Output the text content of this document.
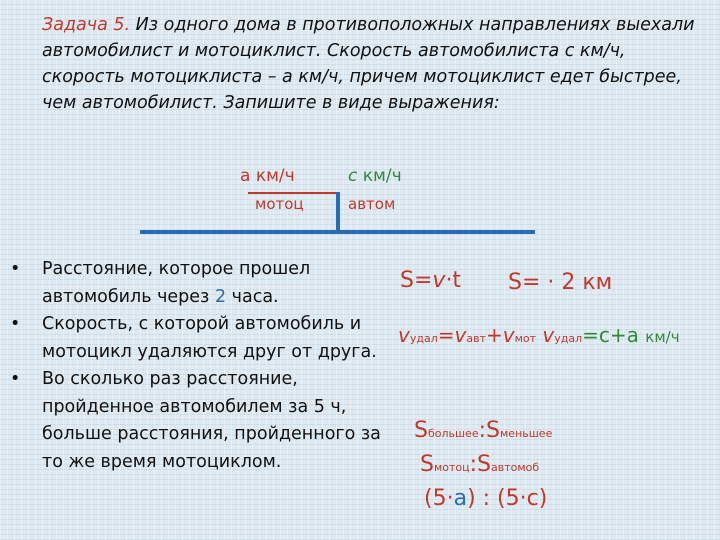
Задача 5. Из одного дома в противоположных направлениях выехали автомобилист и мотоциклист. Скорость автомобилиста с км/ч, скорость мотоциклиста – а км/ч, причем мотоциклист едет быстрее, чем автомобилист. Запишите в виде выражения:
а км/ч	с км/ч
мотоц	автом
• Расстояние, которое прошел автомобиль через 2 часа.
• Скорость, с которой автомобиль и мотоцикл удаляются друг от друга.
• Во сколько раз расстояние, пройденное автомобилем за 5 ч, больше расстояния, пройденного за то же время мотоциклом.
S=v·t S= · 2 км
vудал=vавт+vмот vудал=с+а км/ч
Sбольшее:Sменьшее
Sмотоц:Sавтомоб
(5·а) : (5·с)
